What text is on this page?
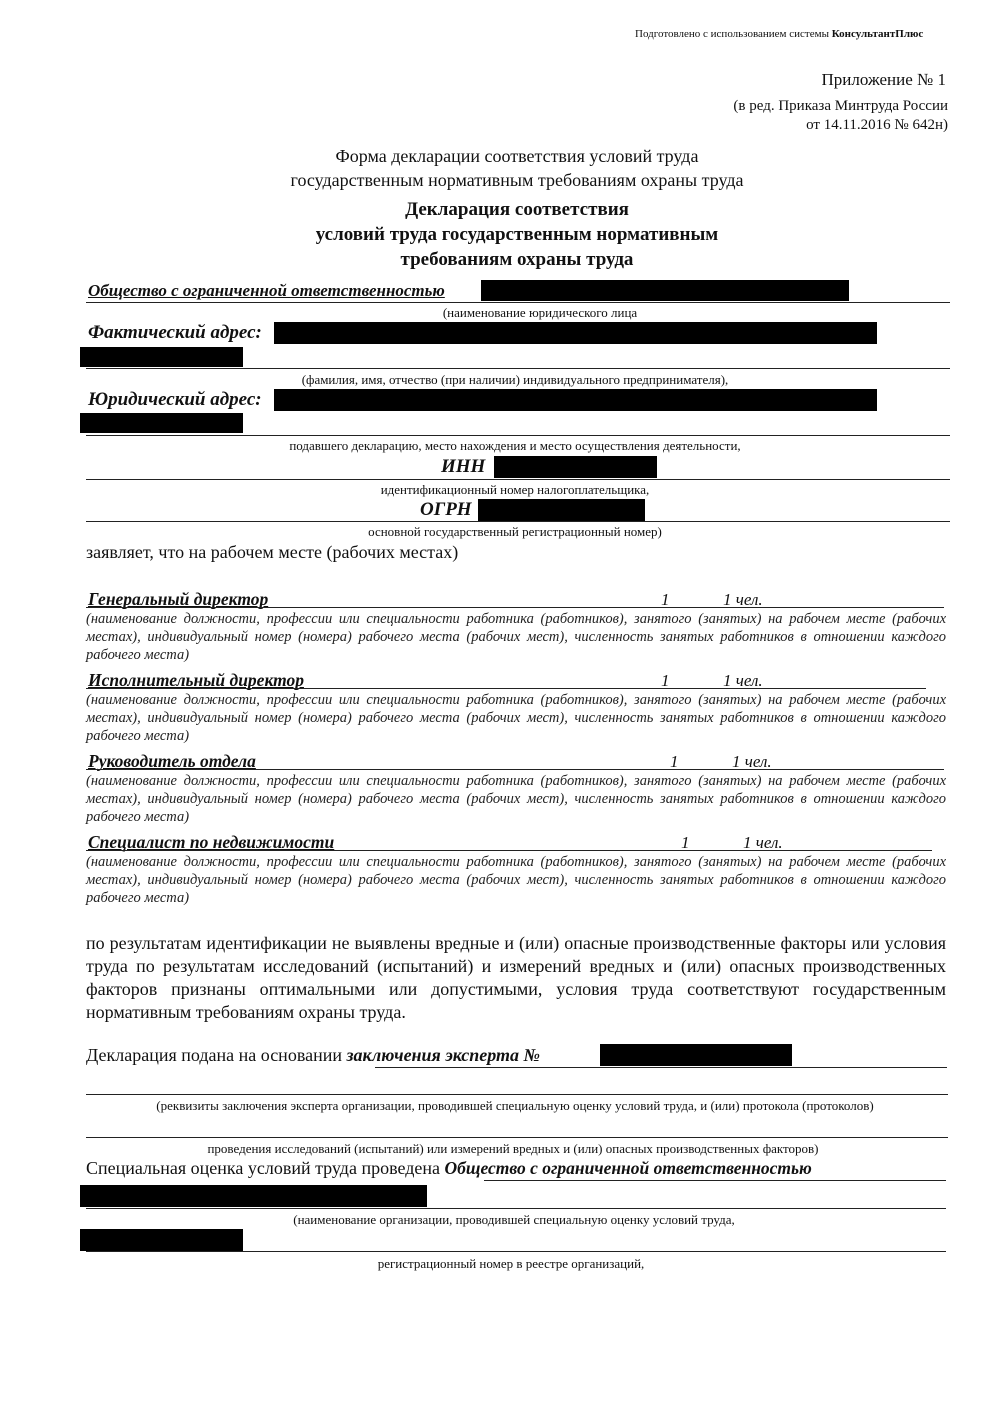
Подготовлено с использованием системы КонсультантПлюс
Приложение № 1
(в ред. Приказа Минтруда России
от 14.11.2016 № 642н)
Форма декларации соответствия условий труда
государственным нормативным требованиям охраны труда
Декларация соответствия
условий труда государственным нормативным
требованиям охраны труда
Общество с ограниченной ответственностью
(наименование юридического лица
Фактический адрес:
(фамилия, имя, отчество (при наличии) индивидуального предпринимателя),
Юридический адрес:
подавшего декларацию, место нахождения и место осуществления деятельности,
ИНН
идентификационный номер налогоплательщика,
ОГРН
основной государственный регистрационный номер)
заявляет, что на рабочем месте (рабочих местах)
Генеральный директор	1	1 чел.
(наименование должности, профессии или специальности работника (работников), занятого (занятых) на рабочем месте (рабочих местах), индивидуальный номер (номера) рабочего места (рабочих мест), численность занятых работников в отношении каждого рабочего места)
Исполнительный директор	1	1 чел.
(наименование должности, профессии или специальности работника (работников), занятого (занятых) на рабочем месте (рабочих местах), индивидуальный номер (номера) рабочего места (рабочих мест), численность занятых работников в отношении каждого рабочего места)
Руководитель отдела	1	1 чел.
(наименование должности, профессии или специальности работника (работников), занятого (занятых) на рабочем месте (рабочих местах), индивидуальный номер (номера) рабочего места (рабочих мест), численность занятых работников в отношении каждого рабочего места)
Специалист по недвижимости	1	1 чел.
(наименование должности, профессии или специальности работника (работников), занятого (занятых) на рабочем месте (рабочих местах), индивидуальный номер (номера) рабочего места (рабочих мест), численность занятых работников в отношении каждого рабочего места)
по результатам идентификации не выявлены вредные и (или) опасные производственные факторы или условия труда по результатам исследований (испытаний) и измерений вредных и (или) опасных производственных факторов признаны оптимальными или допустимыми, условия труда соответствуют государственным нормативным требованиям охраны труда.
Декларация подана на основании заключения эксперта №
(реквизиты заключения эксперта организации, проводившей специальную оценку условий труда, и (или) протокола (протоколов)
проведения исследований (испытаний) или измерений вредных и (или) опасных производственных факторов)
Специальная оценка условий труда проведена Общество с ограниченной ответственностью
(наименование организации, проводившей специальную оценку условий труда,
регистрационный номер в реестре организаций,
